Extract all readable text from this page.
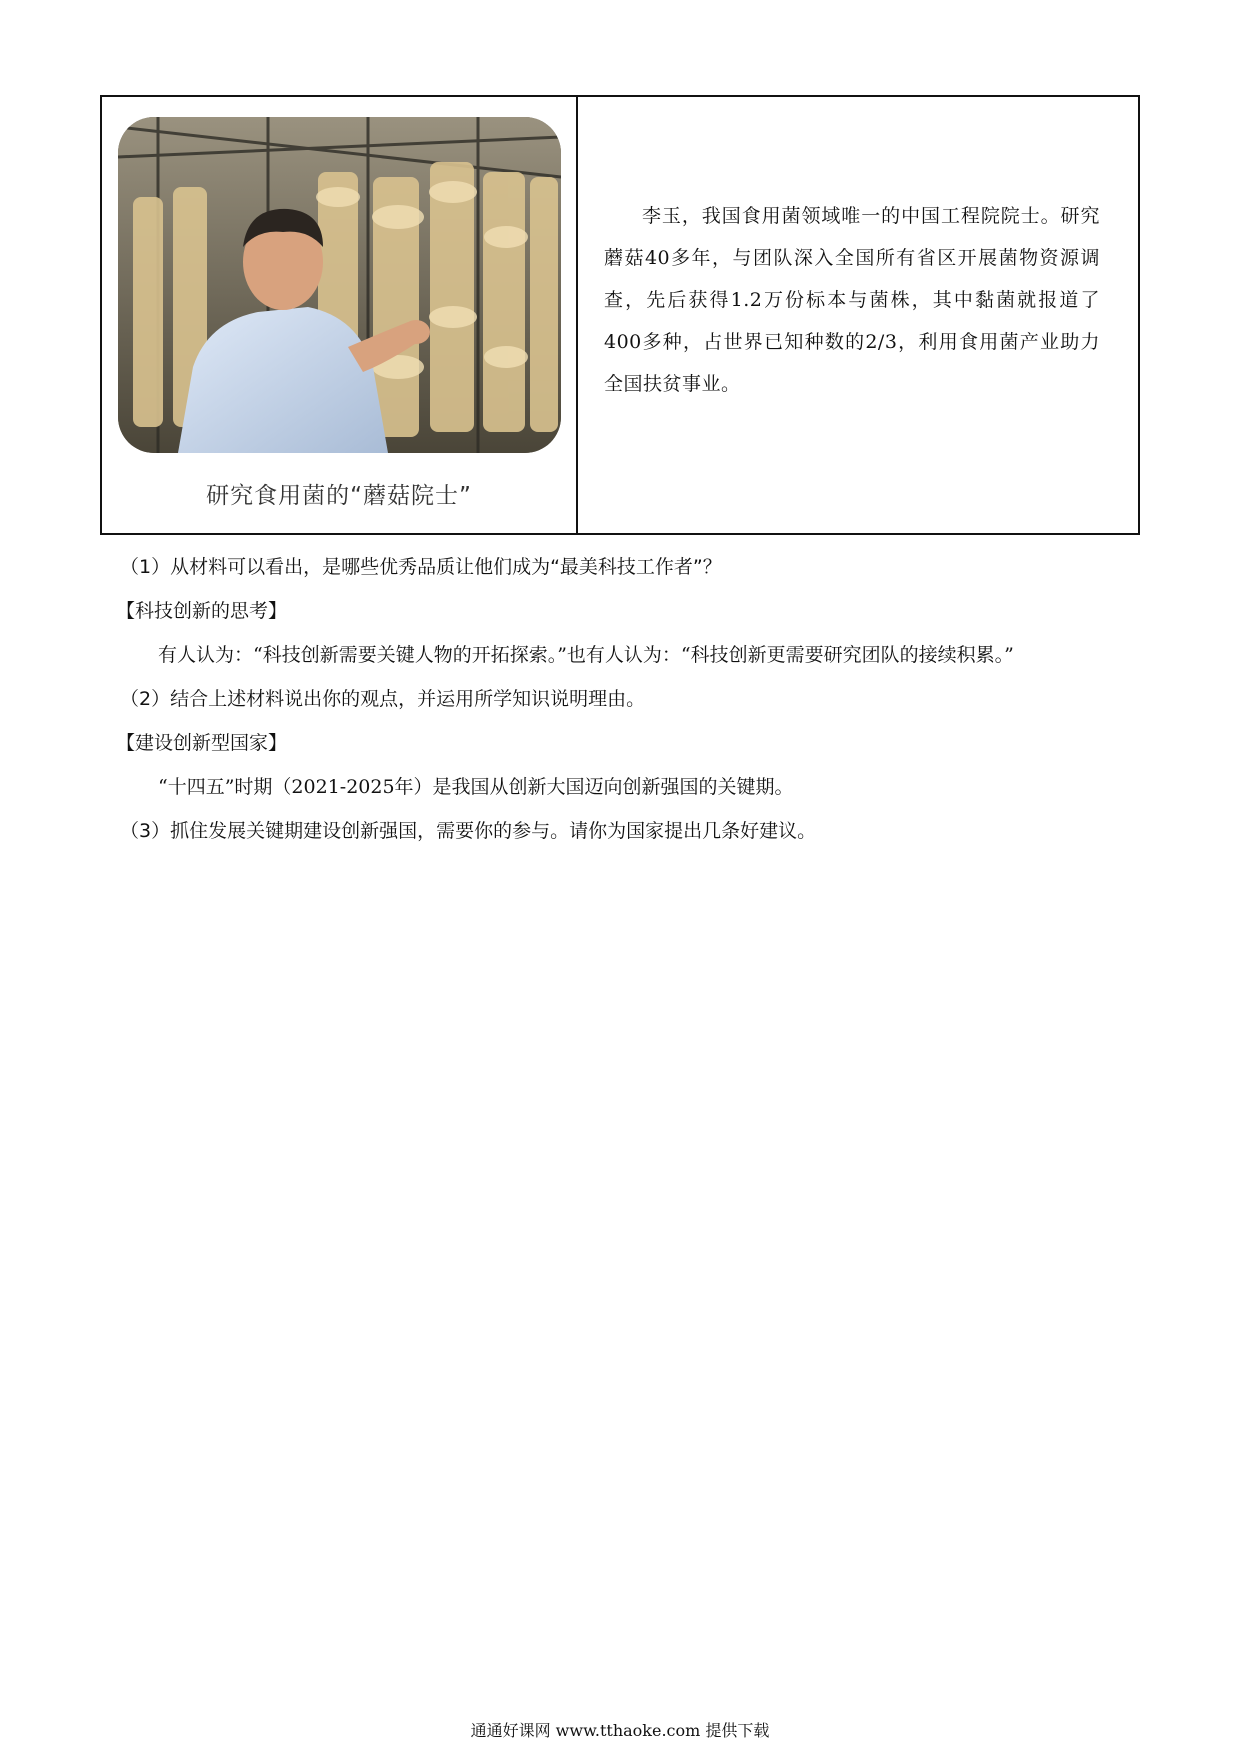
研究食用菌的“蘑菇院士”
李玉，我国食用菌领域唯一的中国工程院院士。研究蘑菇40多年，与团队深入全国所有省区开展菌物资源调查，先后获得1.2万份标本与菌株，其中黏菌就报道了400多种，占世界已知种数的2/3，利用食用菌产业助力全国扶贫事业。

（1）从材料可以看出，是哪些优秀品质让他们成为“最美科技工作者”？

【科技创新的思考】

有人认为：“科技创新需要关键人物的开拓探索。”也有人认为：“科技创新更需要研究团队的接续积累。”

（2）结合上述材料说出你的观点，并运用所学知识说明理由。

【建设创新型国家】

“十四五”时期（2021-2025年）是我国从创新大国迈向创新强国的关键期。

（3）抓住发展关键期建设创新强国，需要你的参与。请你为国家提出几条好建议。

通通好课网 www.tthaoke.com 提供下载
